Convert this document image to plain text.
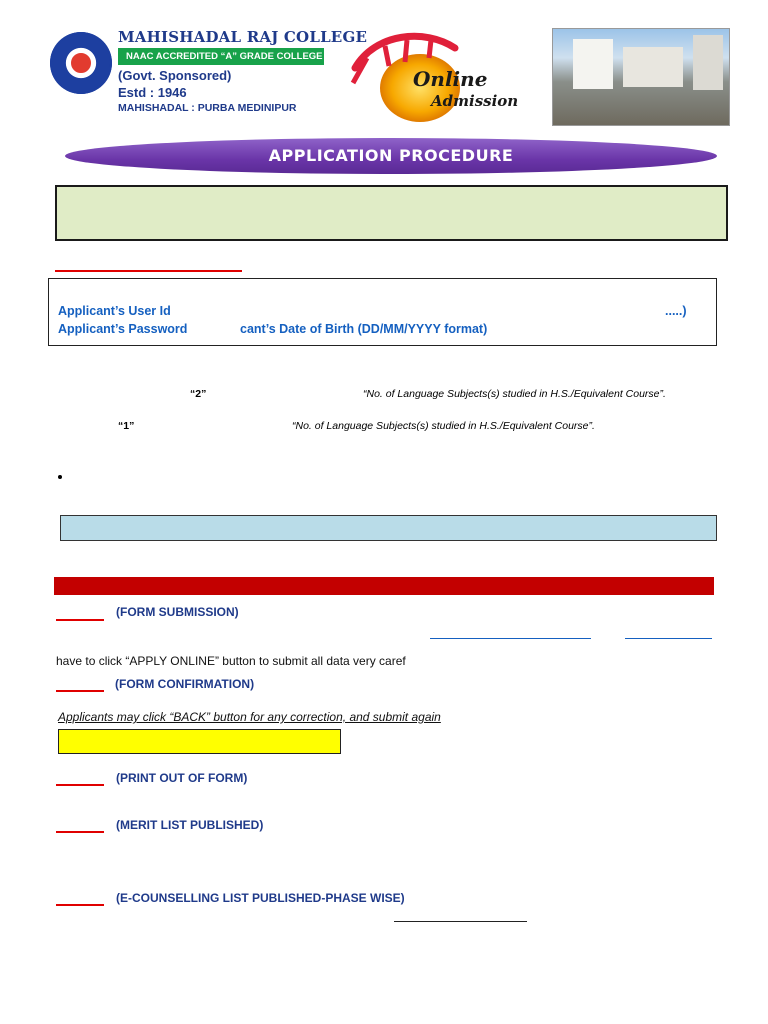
MAHISHADAL RAJ COLLEGE
NAAC ACCREDITED “A” GRADE COLLEGE
(Govt. Sponsored)
Estd : 1946
MAHISHADAL : PURBA MEDINIPUR
Online
Admission
APPLICATION PROCEDURE
Applicant’s User Id	.....)
Applicant’s Password	cant’s Date of Birth (DD/MM/YYYY format)
“2”	“No. of Language Subjects(s) studied in H.S./Equivalent Course”.
“1”	“No. of Language Subjects(s) studied in H.S./Equivalent Course”.
(FORM SUBMISSION)
have to click “APPLY ONLINE” button to submit all data very caref
(FORM CONFIRMATION)
Applicants may click “BACK” button for any correction, and submit again
(PRINT OUT OF FORM)
(MERIT LIST PUBLISHED)
(E-COUNSELLING LIST PUBLISHED-PHASE WISE)
